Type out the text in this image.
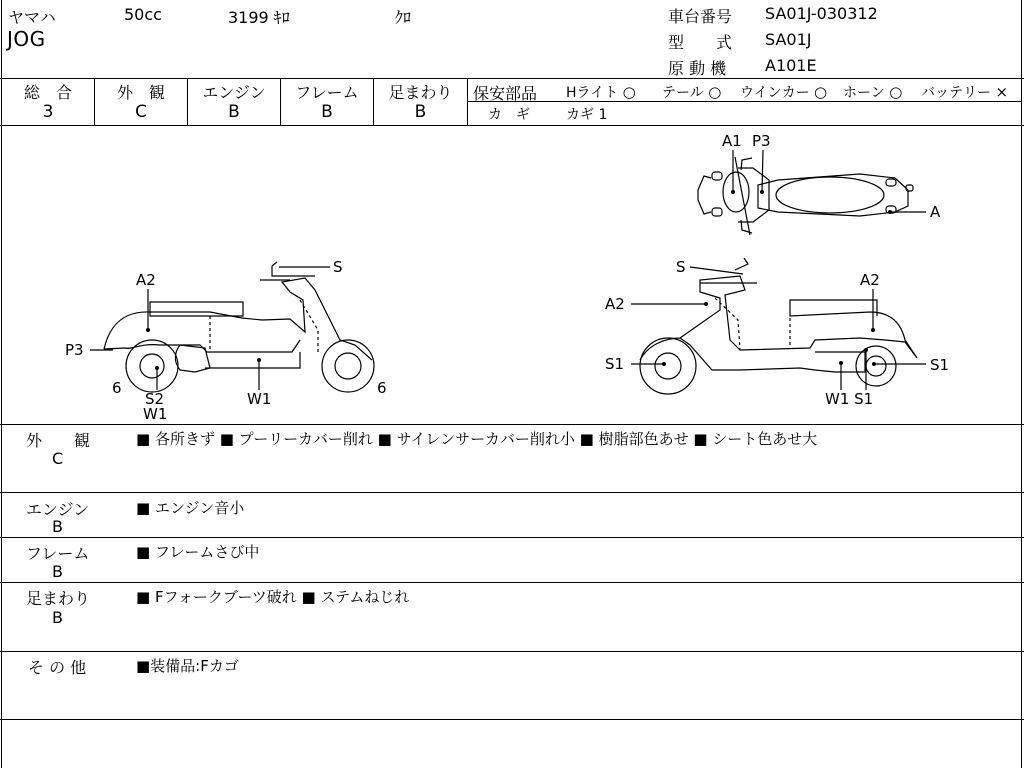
ヤマハ	50cc	3199 ｷﾛ	ｸﾛ
JOG
車台番号 SA01J-030312
型　　式 SA01J
原 動 機 A101E
総　合
3
外　観
C
エンジン
B
フレーム
B
足まわり
B
保安部品 Hライト ○ テール ○ ウインカー ○ ホーン ○ バッテリー ×
カ　ギ	カギ 1
A1 P3
A
S
A2
P3
6
S2
W1
W1
6
S
A2
A2
S1	S1
W1 S1
外　　観
C
■ 各所きず ■ プーリーカバー削れ ■ サイレンサーカバー削れ小 ■ 樹脂部色あせ ■ シート色あせ大
エンジン
B
■ エンジン音小
フレーム
B
■ フレームさび中
足まわり
B
■ Fフォークブーツ破れ ■ ステムねじれ
そ の 他	■装備品:Fカゴ
